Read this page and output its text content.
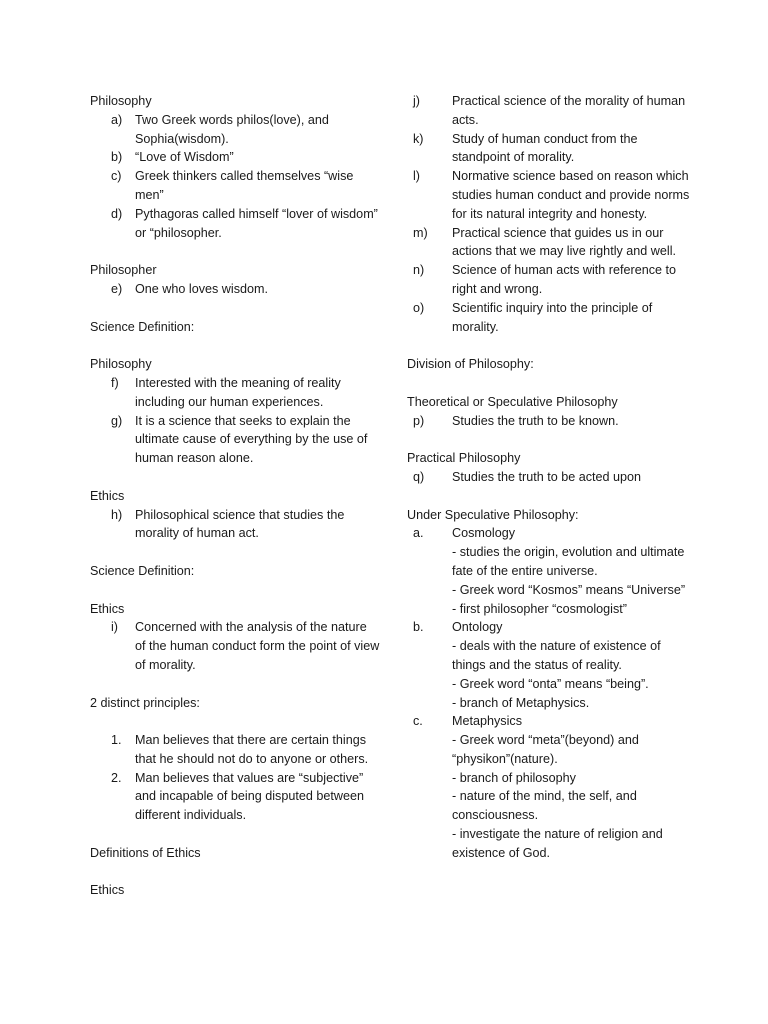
Philosophy
a)	Two Greek words philos(love), and Sophia(wisdom).
b)	“Love of Wisdom”
c)	Greek thinkers called themselves “wise men”
d)	Pythagoras called himself “lover of wisdom” or “philosopher.
Philosopher
e)	One who loves wisdom.
Science Definition:
Philosophy
f)	Interested with the meaning of reality including our human experiences.
g)	It is a science that seeks to explain the ultimate cause of everything by the use of human reason alone.
Ethics
h)	Philosophical science that studies the morality of human act.
Science Definition:
Ethics
i)	Concerned with the analysis of the nature of the human conduct form the point of view of morality.
2 distinct principles:
1.	Man believes that there are certain things that he should not do to anyone or others.
2.	Man believes that values are “subjective” and incapable of being disputed between different individuals.
Definitions of Ethics
Ethics
j)	Practical science of the morality of human acts.
k)	Study of human conduct from the standpoint of morality.
l)	Normative science based on reason which studies human conduct and provide norms for its natural integrity and honesty.
m)	Practical science that guides us in our actions that we may live rightly and well.
n)	Science of human acts with reference to right and wrong.
o)	Scientific inquiry into the principle of morality.
Division of Philosophy:
Theoretical or Speculative Philosophy
p)	Studies the truth to be known.
Practical Philosophy
q)	Studies the truth to be acted upon
Under Speculative Philosophy:
a.	Cosmology
- studies the origin, evolution and ultimate fate of the entire universe.
- Greek word “Kosmos” means “Universe”
- first philosopher “cosmologist”
b.	Ontology
- deals with the nature of existence of things and the status of reality.
- Greek word “onta” means “being”.
- branch of Metaphysics.
c.	Metaphysics
- Greek word “meta”(beyond) and “physikon”(nature).
- branch of philosophy
- nature of the mind, the self, and consciousness.
- investigate the nature of religion and existence of God.
